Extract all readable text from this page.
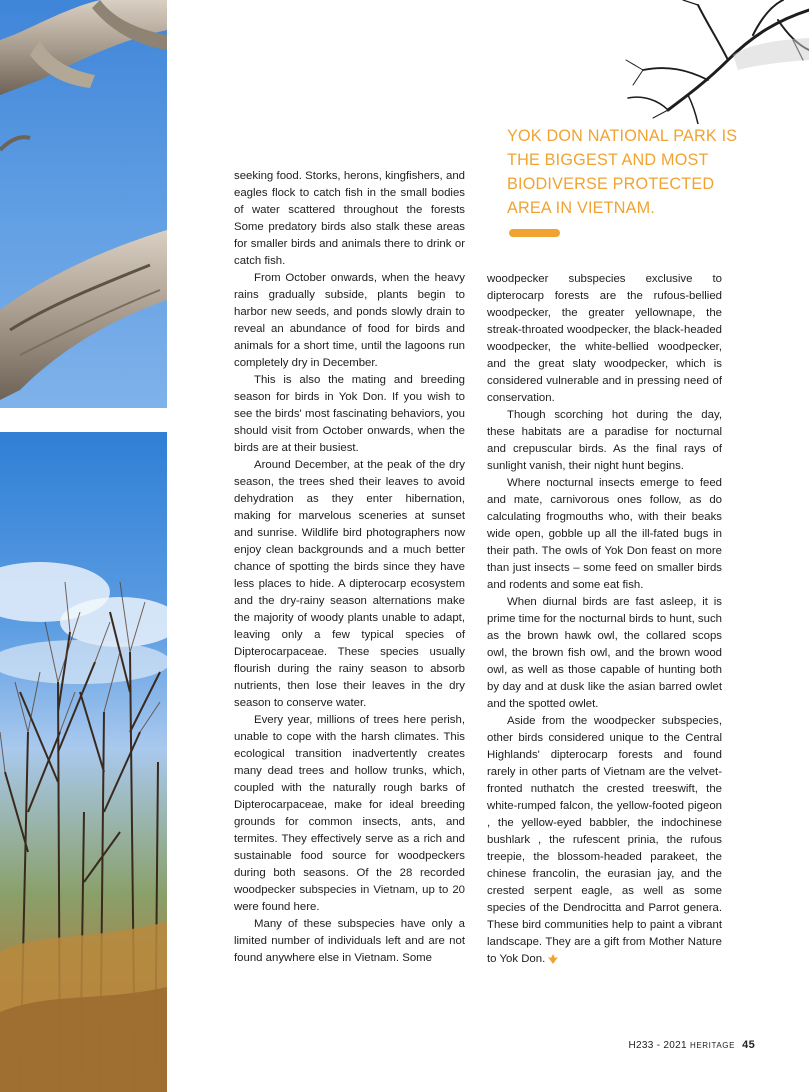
YOK DON NATIONAL PARK IS THE BIGGEST AND MOST BIODIVERSE PROTECTED AREA IN VIETNAM.

seeking food. Storks, herons, kingfishers, and eagles flock to catch fish in the small bodies of water scattered throughout the forests Some predatory birds also stalk these areas for smaller birds and animals there to drink or catch fish.

From October onwards, when the heavy rains gradually subside, plants begin to harbor new seeds, and ponds slowly drain to reveal an abundance of food for birds and animals for a short time, until the lagoons run completely dry in December.

This is also the mating and breeding season for birds in Yok Don. If you wish to see the birds' most fascinating behaviors, you should visit from October onwards, when the birds are at their busiest.

Around December, at the peak of the dry season, the trees shed their leaves to avoid dehydration as they enter hibernation, making for marvelous sceneries at sunset and sunrise. Wildlife bird photographers now enjoy clean backgrounds and a much better chance of spotting the birds since they have less places to hide. A dipterocarp ecosystem and the dry-rainy season alternations make the majority of woody plants unable to adapt, leaving only a few typical species of Dipterocarpaceae. These species usually flourish during the rainy season to absorb nutrients, then lose their leaves in the dry season to conserve water.

Every year, millions of trees here perish, unable to cope with the harsh climates. This ecological transition inadvertently creates many dead trees and hollow trunks, which, coupled with the naturally rough barks of Dipterocarpaceae, make for ideal breeding grounds for common insects, ants, and termites. They effectively serve as a rich and sustainable food source for woodpeckers during both seasons. Of the 28 recorded woodpecker subspecies in Vietnam, up to 20 were found here.

Many of these subspecies have only a limited number of individuals left and are not found anywhere else in Vietnam. Some

woodpecker subspecies exclusive to dipterocarp forests are the rufous-bellied woodpecker, the greater yellownape, the streak-throated woodpecker, the black-headed woodpecker, the white-bellied woodpecker, and the great slaty woodpecker, which is considered vulnerable and in pressing need of conservation.

Though scorching hot during the day, these habitats are a paradise for nocturnal and crepuscular birds. As the final rays of sunlight vanish, their night hunt begins.

Where nocturnal insects emerge to feed and mate, carnivorous ones follow, as do calculating frogmouths who, with their beaks wide open, gobble up all the ill-fated bugs in their path. The owls of Yok Don feast on more than just insects – some feed on smaller birds and rodents and some eat fish.

When diurnal birds are fast asleep, it is prime time for the nocturnal birds to hunt, such as the brown hawk owl, the collared scops owl, the brown fish owl, and the brown wood owl, as well as those capable of hunting both by day and at dusk like the asian barred owlet and the spotted owlet.

Aside from the woodpecker subspecies, other birds considered unique to the Central Highlands' dipterocarp forests and found rarely in other parts of Vietnam are the velvet-fronted nuthatch the crested treeswift, the white-rumped falcon, the yellow-footed pigeon , the yellow-eyed babbler, the indochinese bushlark , the rufescent prinia, the rufous treepie, the blossom-headed parakeet, the chinese francolin, the eurasian jay, and the crested serpent eagle, as well as some species of the Dendrocitta and Parrot genera. These bird communities help to paint a vibrant landscape. They are a gift from Mother Nature to Yok Don.

H233 - 2021 HERITAGE 45
